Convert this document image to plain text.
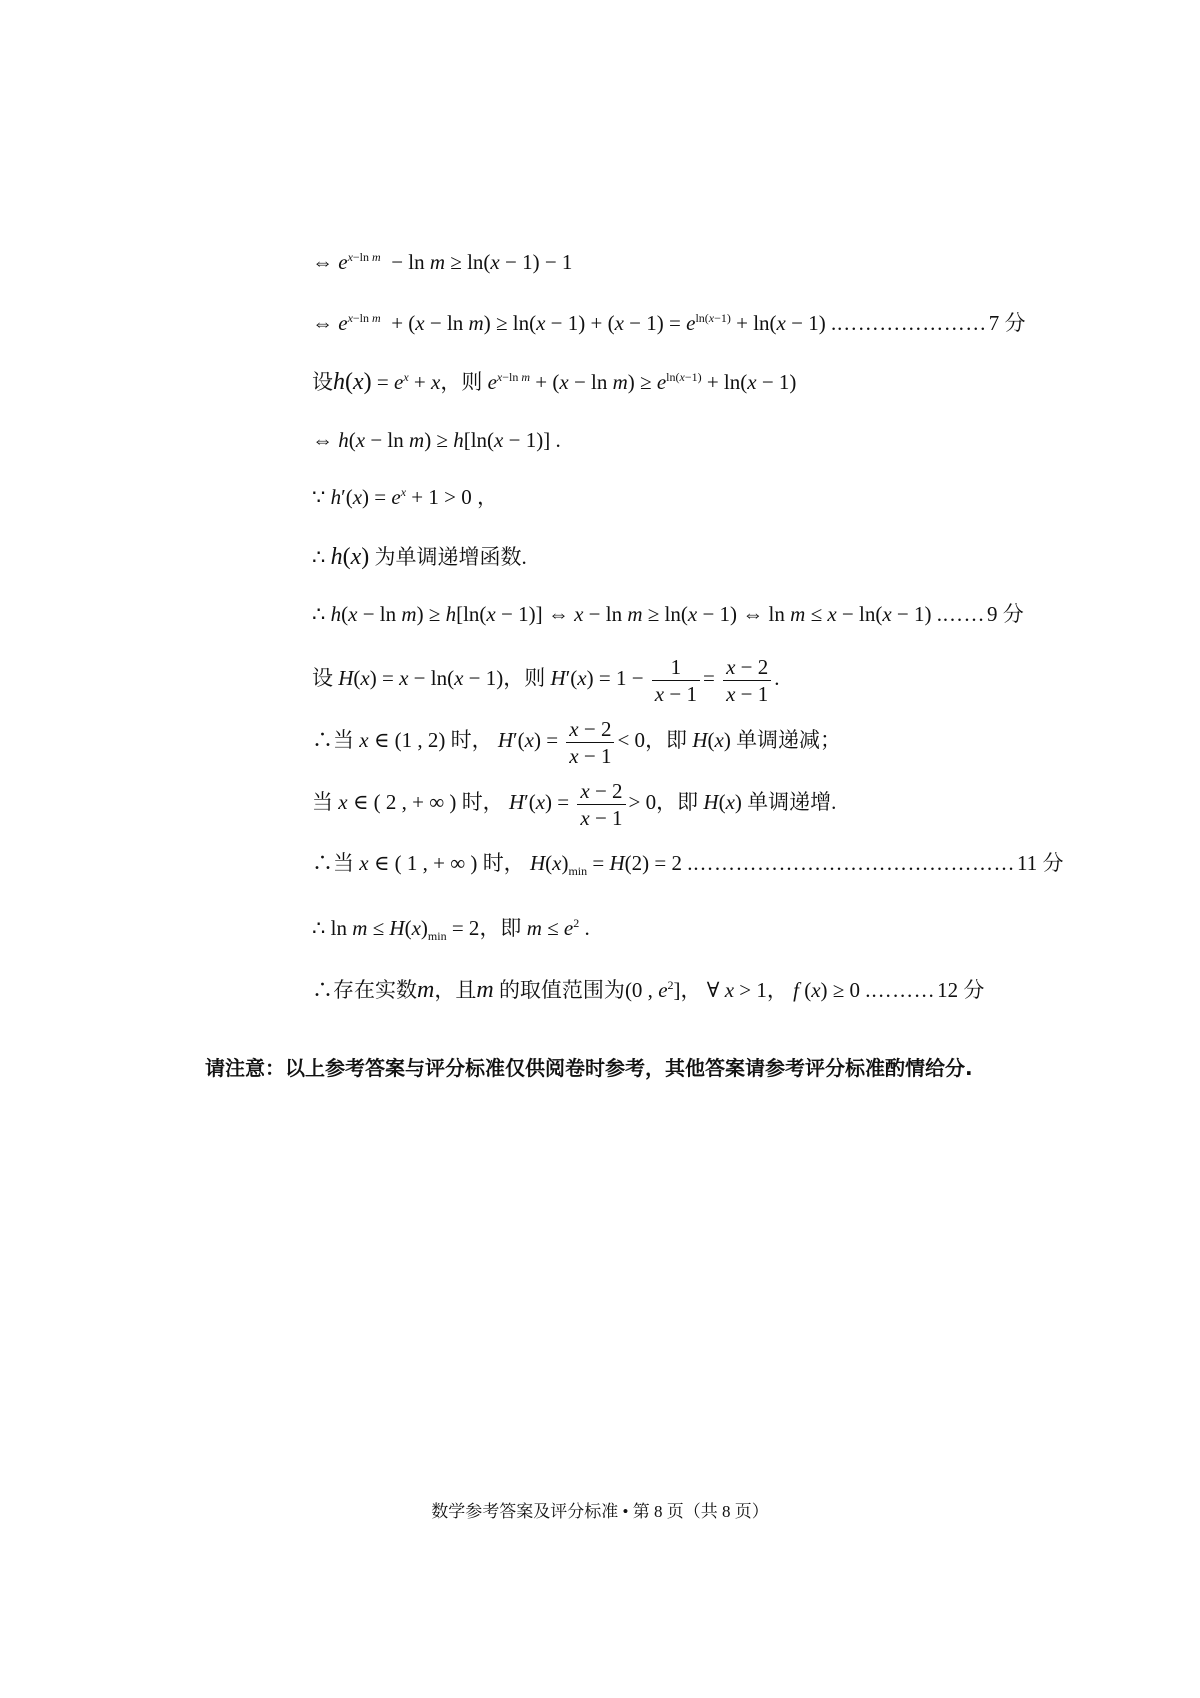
⇔ $e^{x-ln m} - \ln m \ge \ln(x - 1) - 1$
⇔ $e^{x-ln m} + (x - \ln m) \ge \ln(x - 1) + (x - 1) = e^{ln(x-1)} + \ln(x - 1)$ .…………………7 分
设$h(x) = e^x + x$，则 $e^{x-ln m} + (x - \ln m) \ge e^{ln(x-1)} + \ln(x - 1)$
⇔ h(x − ln m) ≥ h[ln(x − 1)] .
∵ $h'(x) = e^x + 1 > 0$ ，
∴ h(x) 为单调递增函数.
∴ h(x − ln m) ≥ h[ln(x − 1)] ⇔ x − ln m ≥ ln(x − 1) ⇔ ln m ≤ x − ln(x − 1) .……9 分
设 H(x) = x − ln(x − 1)，则 $H'(x) = 1 - \frac{1}{x - 1} = \frac{x - 2}{x - 1}$ .
∴当 x ∈ (1 , 2) 时， $H'(x) = \frac{x - 2}{x - 1} < 0$，即 H(x) 单调递减；
当 x ∈ ( 2 , + ∞ ) 时， $H'(x) = \frac{x - 2}{x - 1} > 0$，即 H(x) 单调递增.
∴当 x ∈ ( 1 , + ∞ ) 时， $H(x)_{min} = H(2) = 2$ .………………………………………11 分
∴ $\ln m \le H(x)_{min} = 2$，即 $m \le e^2$ .
∴存在实数m，且m 的取值范围为(0 , $e^2$]， ∀ x > 1， f (x) ≥ 0 .………12 分
请注意：以上参考答案与评分标准仅供阅卷时参考，其他答案请参考评分标准酌情给分.
数学参考答案及评分标准 • 第 8 页（共 8 页）
